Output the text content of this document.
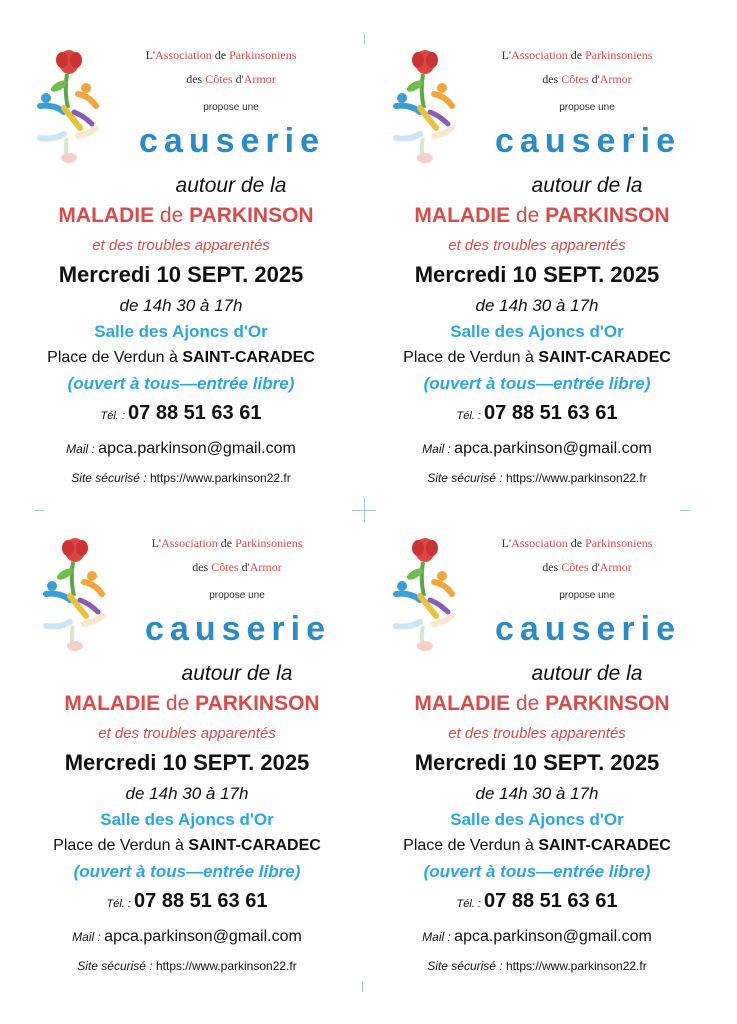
L'Association de Parkinsoniens
des Côtes d'Armor
propose une
causerie
autour de la
MALADIE de PARKINSON
et des troubles apparentés
Mercredi 10 SEPT. 2025
de 14h 30 à 17h
Salle des Ajoncs d'Or
Place de Verdun à SAINT-CARADEC
(ouvert à tous—entrée libre)
Tél. : 07 88 51 63 61
Mail : apca.parkinson@gmail.com
Site sécurisé : https://www.parkinson22.fr
L'Association de Parkinsoniens
des Côtes d'Armor
propose une
causerie
autour de la
MALADIE de PARKINSON
et des troubles apparentés
Mercredi 10 SEPT. 2025
de 14h 30 à 17h
Salle des Ajoncs d'Or
Place de Verdun à SAINT-CARADEC
(ouvert à tous—entrée libre)
Tél. : 07 88 51 63 61
Mail : apca.parkinson@gmail.com
Site sécurisé : https://www.parkinson22.fr
L'Association de Parkinsoniens
des Côtes d'Armor
propose une
causerie
autour de la
MALADIE de PARKINSON
et des troubles apparentés
Mercredi 10 SEPT. 2025
de 14h 30 à 17h
Salle des Ajoncs d'Or
Place de Verdun à SAINT-CARADEC
(ouvert à tous—entrée libre)
Tél. : 07 88 51 63 61
Mail : apca.parkinson@gmail.com
Site sécurisé : https://www.parkinson22.fr
L'Association de Parkinsoniens
des Côtes d'Armor
propose une
causerie
autour de la
MALADIE de PARKINSON
et des troubles apparentés
Mercredi 10 SEPT. 2025
de 14h 30 à 17h
Salle des Ajoncs d'Or
Place de Verdun à SAINT-CARADEC
(ouvert à tous—entrée libre)
Tél. : 07 88 51 63 61
Mail : apca.parkinson@gmail.com
Site sécurisé : https://www.parkinson22.fr
